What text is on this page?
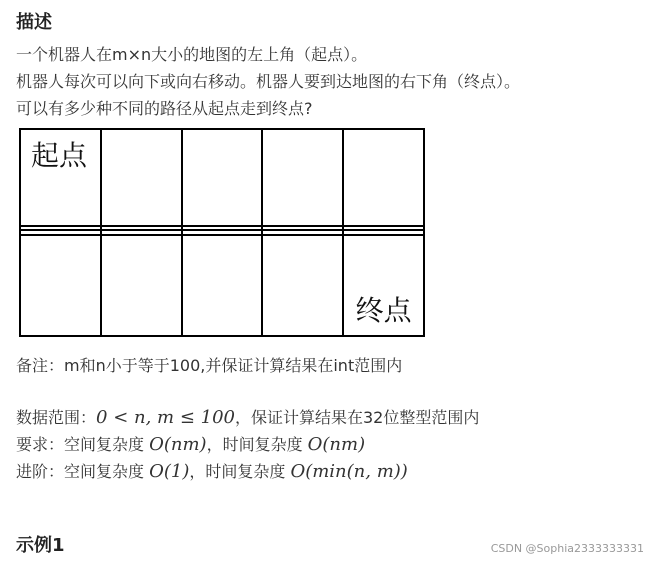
描述
一个机器人在m×n大小的地图的左上角（起点）。
机器人每次可以向下或向右移动。机器人要到达地图的右下角（终点）。
可以有多少种不同的路径从起点走到终点?
起点				

				终点
备注：m和n小于等于100,并保证计算结果在int范围内
数据范围：0 < n, m ≤ 100，保证计算结果在32位整型范围内
要求：空间复杂度 O(nm)，时间复杂度 O(nm)
进阶：空间复杂度 O(1)，时间复杂度 O(min(n, m))
示例1	CSDN @Sophia2333333331
